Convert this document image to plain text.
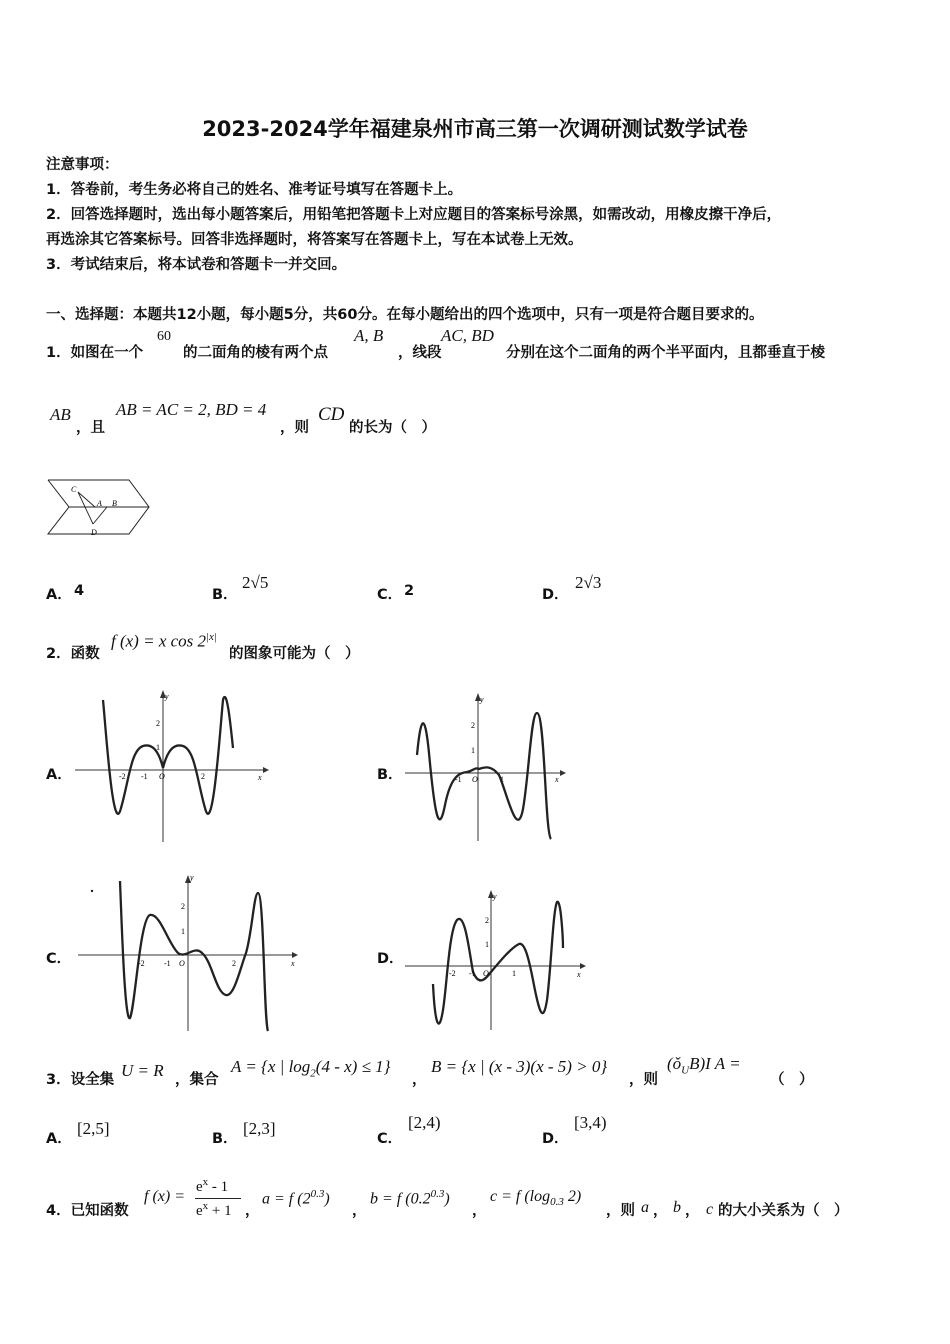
2023-2024学年福建泉州市高三第一次调研测试数学试卷
注意事项：
1．答卷前，考生务必将自己的姓名、准考证号填写在答题卡上。
2．回答选择题时，选出每小题答案后，用铅笔把答题卡上对应题目的答案标号涂黑，如需改动，用橡皮擦干净后，
再选涂其它答案标号。回答非选择题时，将答案写在答题卡上，写在本试卷上无效。
3．考试结束后，将本试卷和答题卡一并交回。
一、选择题：本题共12小题，每小题5分，共60分。在每小题给出的四个选项中，只有一项是符合题目要求的。
1．如图在一个
60
的二面角的棱有两个点
A, B
，线段
AC, BD
分别在这个二面角的两个半平面内，且都垂直于棱
AB
，且
AB = AC = 2, BD = 4
，则
CD
的长为（　）
C
A B
D
A． 4	B．
2√5
C． 2	D．
2√3
2．函数
f (x) = x $\cos 2^{|x|}$
的图象可能为（　）
A．	B．
C．	D．
y
x
2
1
-2 -1 O	2
y
x
2
1
-1 O	1
y
x
2
1
-2 -1 O	2
y
x
2
1
-2 -1 O	1
3．设全集 U = R ，集合
A = {x | $\log_2(4 - x) \le 1$}
，
B = {x | (x - 3)(x - 5) > 0}
，则
$(ǒ_UB)I$ A =
（　）
A．
[2,5]
B．
[2,3]
C．
[2,4)
D．
[3,4)
4．已知函数
f (x) =
$e^x - 1$
$e^x + 1$ ，
a = f $(2^{0.3})$
，
b = f $(0.2^{0.3})$
，
c = f ($\log_{0.3}$ 2)
，则 a ， b ， c 的大小关系为（　）
